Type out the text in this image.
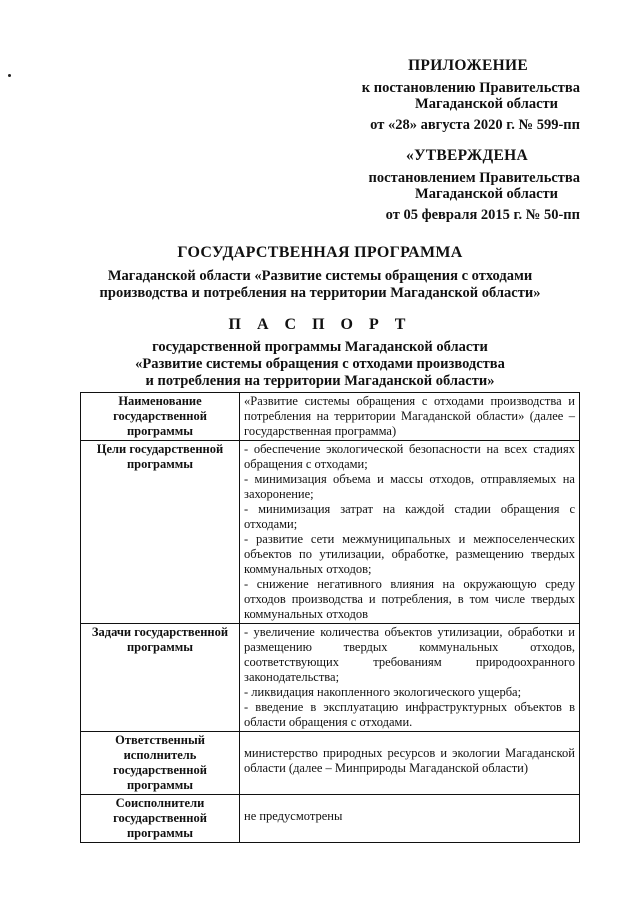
ПРИЛОЖЕНИЕ
к постановлению Правительства
Магаданской области
от «28» августа 2020 г. № 599-пп
«УТВЕРЖДЕНА
постановлением Правительства
Магаданской области
от 05 февраля 2015 г. № 50-пп
ГОСУДАРСТВЕННАЯ ПРОГРАММА
Магаданской области «Развитие системы обращения с отходами
производства и потребления на территории Магаданской области»
П А С П О Р Т
государственной программы Магаданской области
«Развитие системы обращения с отходами производства
и потребления на территории Магаданской области»
Наименование государственной программы	«Развитие системы обращения с отходами производства и потребления на территории Магаданской области» (далее – государственная программа)

Цели государственной программы	- обеспечение экологической безопасности на всех стадиях обращения с отходами;
- минимизация объема и массы отходов, отправляемых на захоронение;
- минимизация затрат на каждой стадии обращения с отходами;
- развитие сети межмуниципальных и межпоселенческих объектов по утилизации, обработке, размещению твердых коммунальных отходов;
- снижение негативного влияния на окружающую среду отходов производства и потребления, в том числе твердых коммунальных отходов

Задачи государственной программы	- увеличение количества объектов утилизации, обработки и размещению твердых коммунальных отходов, соответствующих требованиям природоохранного законодательства;
- ликвидация накопленного экологического ущерба;
- введение в эксплуатацию инфраструктурных объектов в области обращения с отходами.

Ответственный исполнитель государственной программы	министерство природных ресурсов и экологии Магаданской области (далее – Минприроды Магаданской области)

Соисполнители государственной программы	не предусмотрены
